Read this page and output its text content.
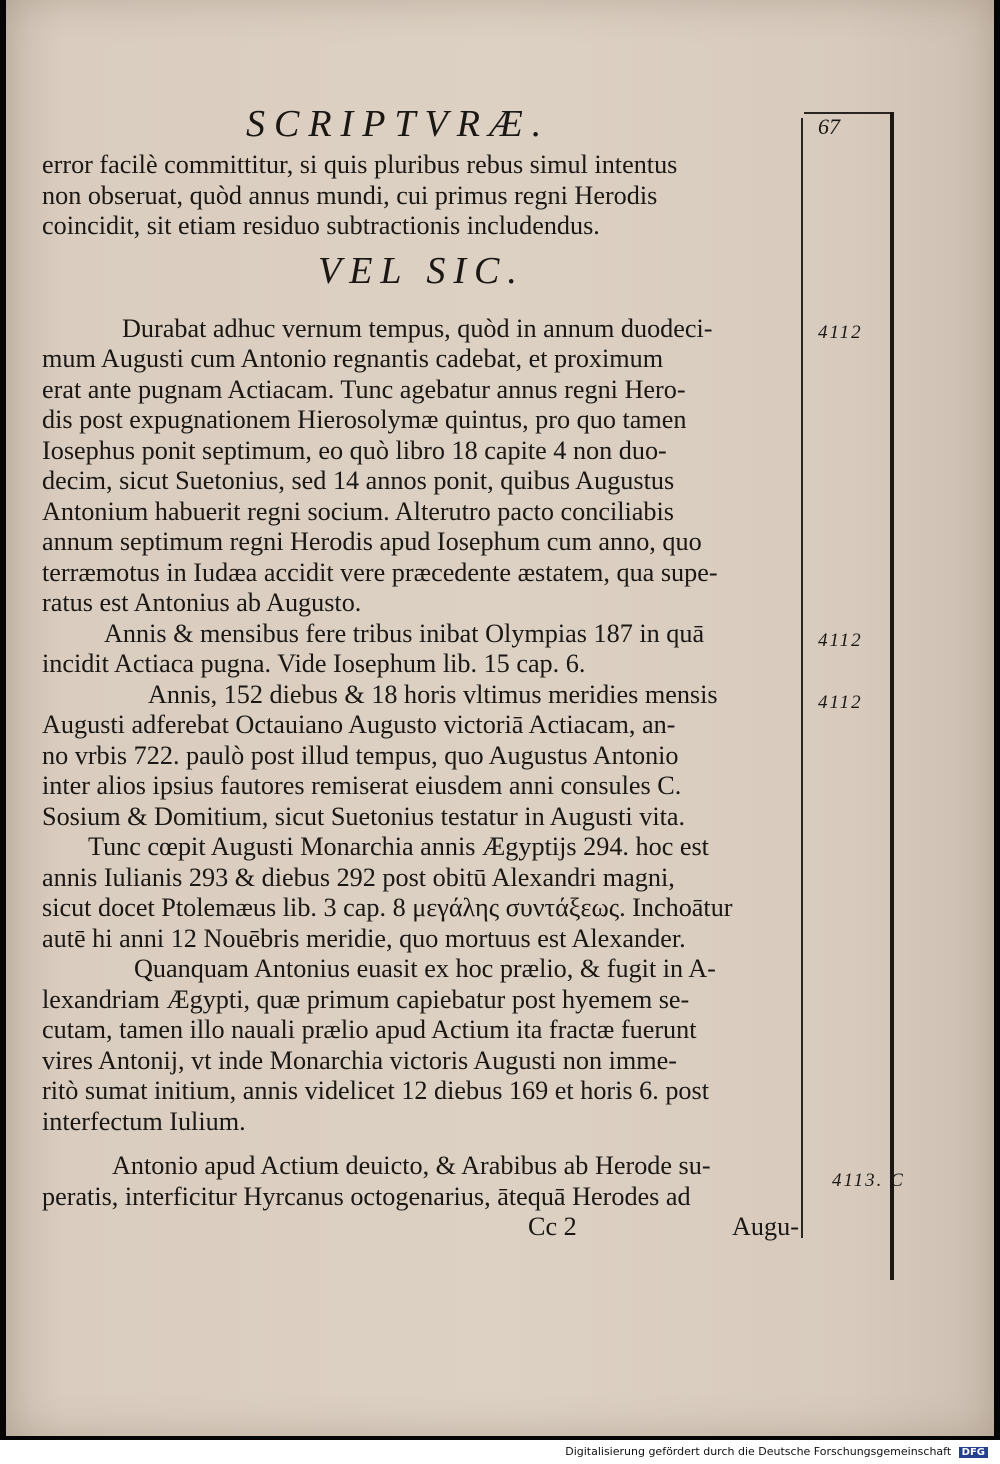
SCRIPTVRÆ.	67
error facilè committitur, si quis pluribus rebus simul intentus
non obseruat, quòd annus mundi, cui primus regni Herodis
coincidit, sit etiam residuo subtractionis includendus.
VEL SIC.
Durabat adhuc vernum tempus, quòd in annum duodeci-
mum Augusti cum Antonio regnantis cadebat, et proximum
erat ante pugnam Actiacam. Tunc agebatur annus regni Hero-
dis post expugnationem Hierosolymæ quintus, pro quo tamen
Iosephus ponit septimum, eo quò libro 18 capite 4 non duo-
decim, sicut Suetonius, sed 14 annos ponit, quibus Augustus
Antonium habuerit regni socium. Alterutro pacto conciliabis
annum septimum regni Herodis apud Iosephum cum anno, quo
terræmotus in Iudæa accidit vere præcedente æstatem, qua supe-
ratus est Antonius ab Augusto.
Annis & mensibus fere tribus inibat Olympias 187 in quā
incidit Actiaca pugna. Vide Iosephum lib. 15 cap. 6.
Annis, 152 diebus & 18 horis vltimus meridies mensis
Augusti adferebat Octauiano Augusto victoriā Actiacam, an-
no vrbis 722. paulò post illud tempus, quo Augustus Antonio
inter alios ipsius fautores remiserat eiusdem anni consules C.
Sosium & Domitium, sicut Suetonius testatur in Augusti vita.
Tunc cœpit Augusti Monarchia annis Ægyptijs 294. hoc est
annis Iulianis 293 & diebus 292 post obitū Alexandri magni,
sicut docet Ptolemæus lib. 3 cap. 8 μεγάλης συντάξεως. Inchoātur
autē hi anni 12 Nouēbris meridie, quo mortuus est Alexander.
Quanquam Antonius euasit ex hoc prælio, & fugit in A-
lexandriam Ægypti, quæ primum capiebatur post hyemem se-
cutam, tamen illo nauali prælio apud Actium ita fractæ fuerunt
vires Antonij, vt inde Monarchia victoris Augusti non imme-
ritò sumat initium, annis videlicet 12 diebus 169 et horis 6. post
interfectum Iulium.
Antonio apud Actium deuicto, & Arabibus ab Herode su-
peratis, interficitur Hyrcanus octogenarius, ātequā Herodes ad
Cc 2	Augu-
4112
4112
4112
4113. C
Digitalisierung gefördert durch die Deutsche Forschungsgemeinschaft DFG
